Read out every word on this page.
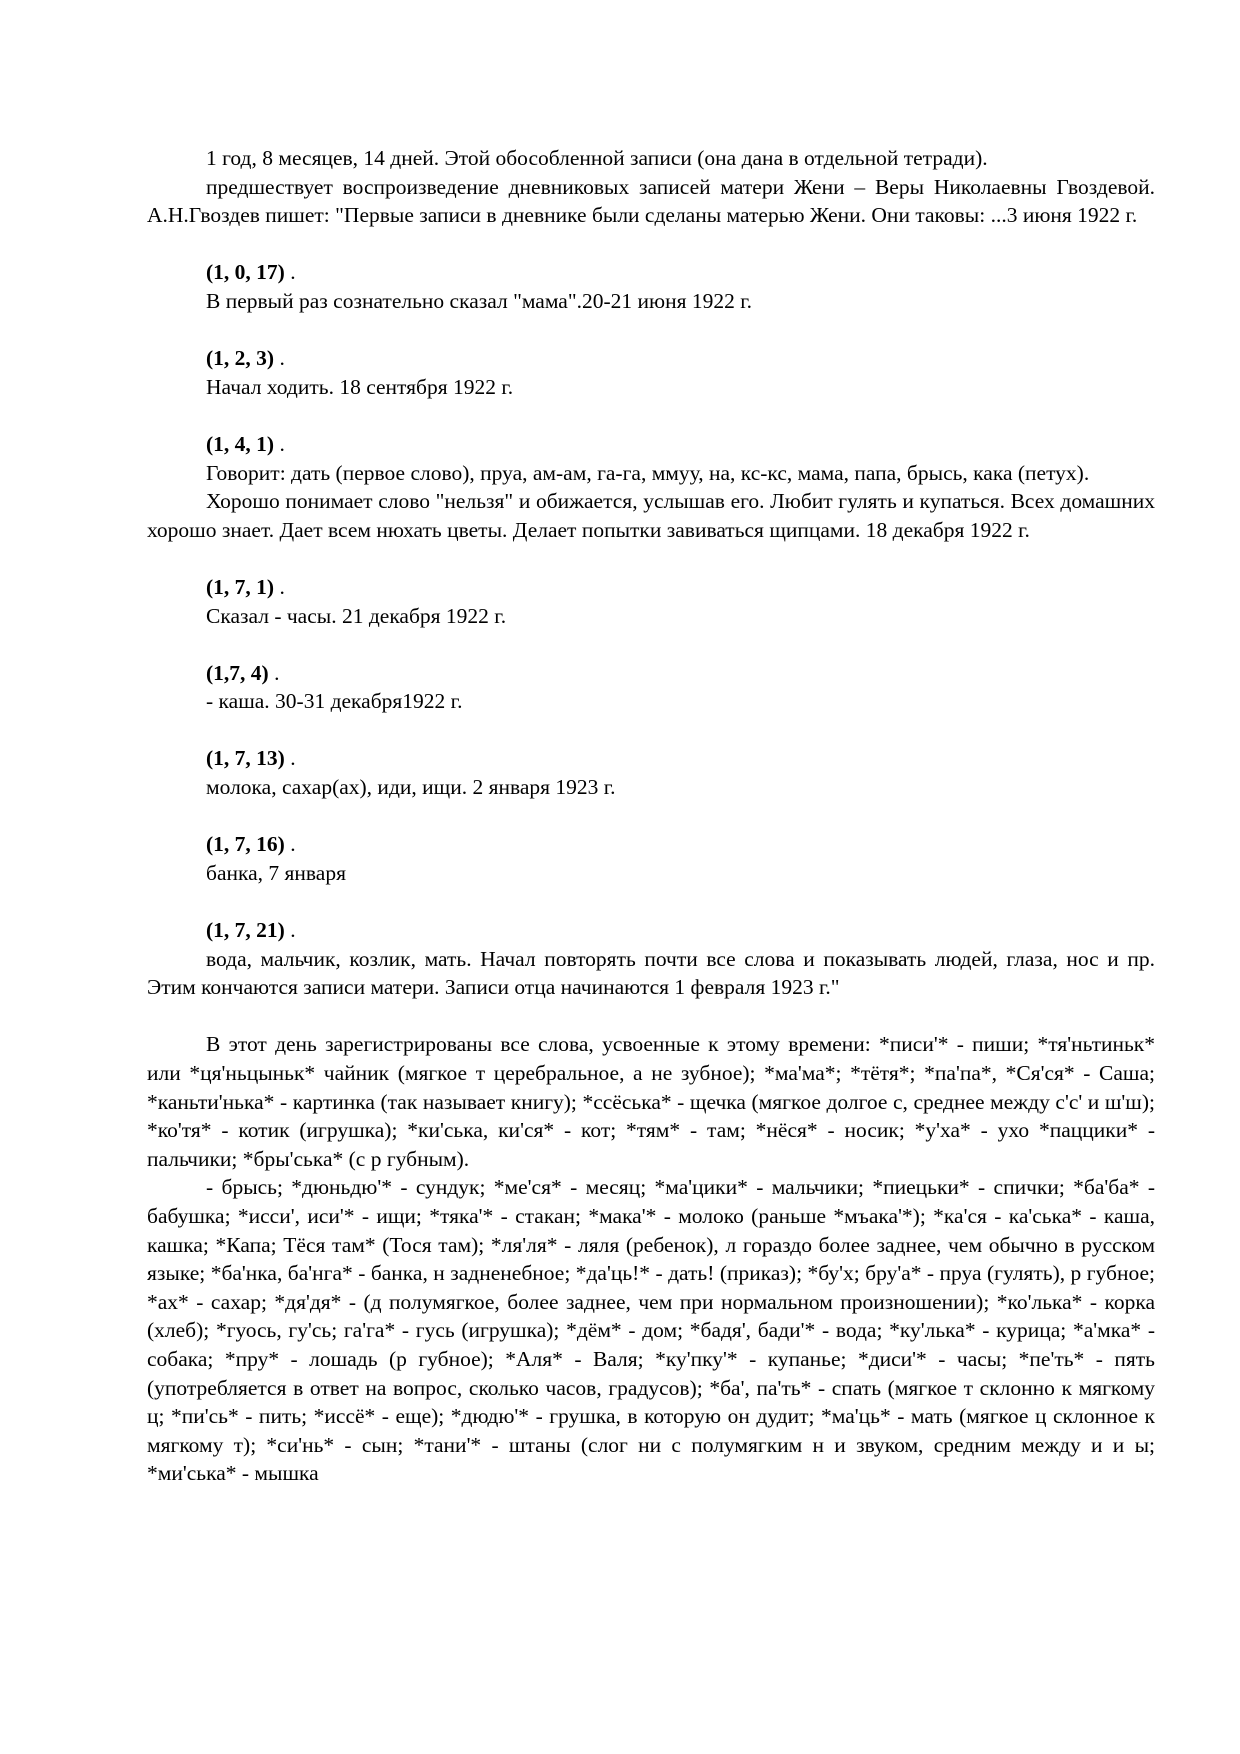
1 год, 8 месяцев, 14 дней. Этой обособленной записи (она дана в отдельной тетради).

предшествует воспроизведение дневниковых записей матери Жени – Веры Николаевны Гвоздевой. А.Н.Гвоздев пишет: "Первые записи в дневнике были сделаны матерью Жени. Они таковы: ...3 июня 1922 г.

(1, 0, 17) .

В первый раз сознательно сказал "мама".20-21 июня 1922 г.

(1, 2, 3) .

Начал ходить. 18 сентября 1922 г.

(1, 4, 1) .

Говорит: дать (первое слово), пруа, ам-ам, га-га, ммуу, на, кс-кс, мама, папа, брысь, кака (петух).

Хорошо понимает слово "нельзя" и обижается, услышав его. Любит гулять и купаться. Всех домашних хорошо знает. Дает всем нюхать цветы. Делает попытки завиваться щипцами. 18 декабря 1922 г.

(1, 7, 1) .

Сказал - часы. 21 декабря 1922 г.

(1,7, 4) .

- каша. 30-31 декабря1922 г.

(1, 7, 13) .

молока, сахар(ах), иди, ищи. 2 января 1923 г.

(1, 7, 16) .

банка, 7 января

(1, 7, 21) .

вода, мальчик, козлик, мать. Начал повторять почти все слова и показывать людей, глаза, нос и пр. Этим кончаются записи матери. Записи отца начинаются 1 февраля 1923 г."

В этот день зарегистрированы все слова, усвоенные к этому времени: *писи'* - пиши; *тя'ньтиньк* или *ця'ньцыньк* чайник (мягкое т церебральное, а не зубное); *ма'ма*; *тётя*; *па'па*, *Ся'ся* - Саша; *каньти'нька* - картинка (так называет книгу); *ссёська* - щечка (мягкое долгое с, среднее между с'с' и ш'ш); *ко'тя* - котик (игрушка); *ки'ська, ки'ся* - кот; *тям* - там; *нёся* - носик; *у'ха* - ухо *паццики* - пальчики; *бры'ська* (с р губным).

- брысь; *дюньдю'* - сундук; *ме'ся* - месяц; *ма'цики* - мальчики; *пиецьки* - спички; *ба'ба* - бабушка; *исси', иси'* - ищи; *тяка'* - стакан; *мака'* - молоко (раньше *мъака'*); *ка'ся - ка'ська* - каша, кашка; *Капа; Тёся там* (Тося там); *ля'ля* - ляля (ребенок), л гораздо более заднее, чем обычно в русском языке; *ба'нка, ба'нга* - банка, н задненебное; *да'ць!* - дать! (приказ); *бу'х; бру'а* - пруа (гулять), р губное; *ах* - сахар; *дя'дя* - (д полумягкое, более заднее, чем при нормальном произношении); *ко'лька* - корка (хлеб); *гуось, гу'сь; га'га* - гусь (игрушка); *дём* - дом; *бадя', бади'* - вода; *ку'лька* - курица; *а'мка* - собака; *пру* - лошадь (р губное); *Аля* - Валя; *ку'пку'* - купанье; *диси'* - часы; *пе'ть* - пять (употребляется в ответ на вопрос, сколько часов, градусов); *ба', па'ть* - спать (мягкое т склонно к мягкому ц; *пи'сь* - пить; *иссё* - еще); *дюдю'* - грушка, в которую он дудит; *ма'ць* - мать (мягкое ц склонное к мягкому т); *си'нь* - сын; *тани'* - штаны (слог ни с полумягким н и звуком, средним между и и ы; *ми'ська* - мышка
